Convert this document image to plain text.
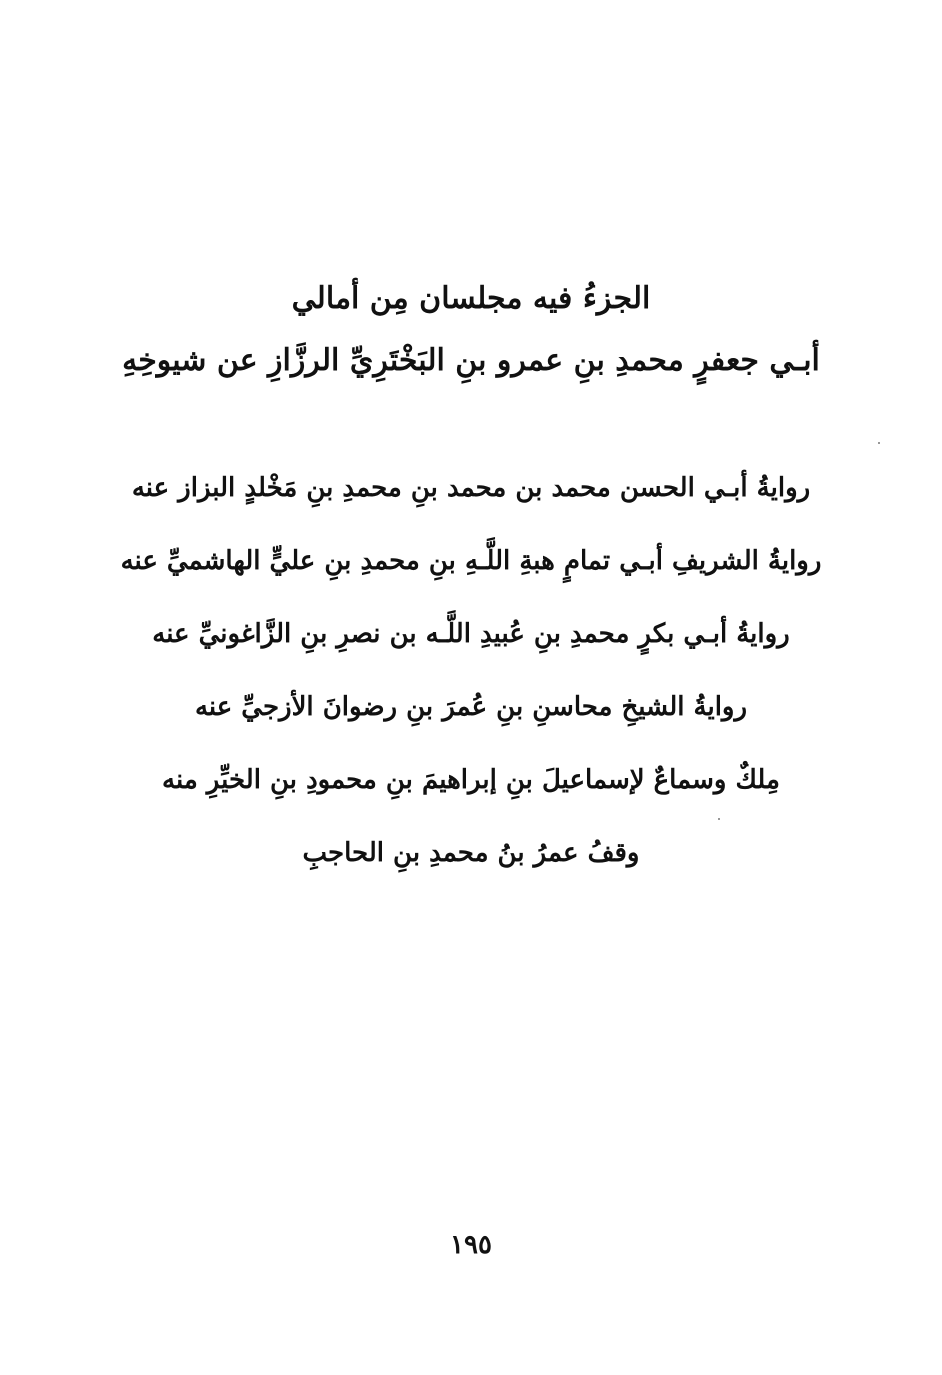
الجزءُ فيه مجلسان مِن أمالي
أبـي جعفرٍ محمدِ بنِ عمرو بنِ البَخْتَرِيِّ الرزَّازِ عن شيوخِهِ
روايةُ أبـي الحسن محمد بن محمد بنِ محمدِ بنِ مَخْلدٍ البزاز عنه
روايةُ الشريفِ أبـي تمامٍ هبةِ اللَّـهِ بنِ محمدِ بنِ عليٍّ الهاشميِّ عنه
روايةُ أبـي بكرٍ محمدِ بنِ عُبيدِ اللَّـه بن نصرِ بنِ الزَّاغونيِّ عنه
روايةُ الشيخِ محاسنِ بنِ عُمرَ بنِ رضوانَ الأزجيِّ عنه
مِلكٌ وسماعٌ لإسماعيلَ بنِ إبراهيمَ بنِ محمودِ بنِ الخيِّرِ منه
وقفُ عمرُ بنُ محمدِ بنِ الحاجبِ
١٩٥
